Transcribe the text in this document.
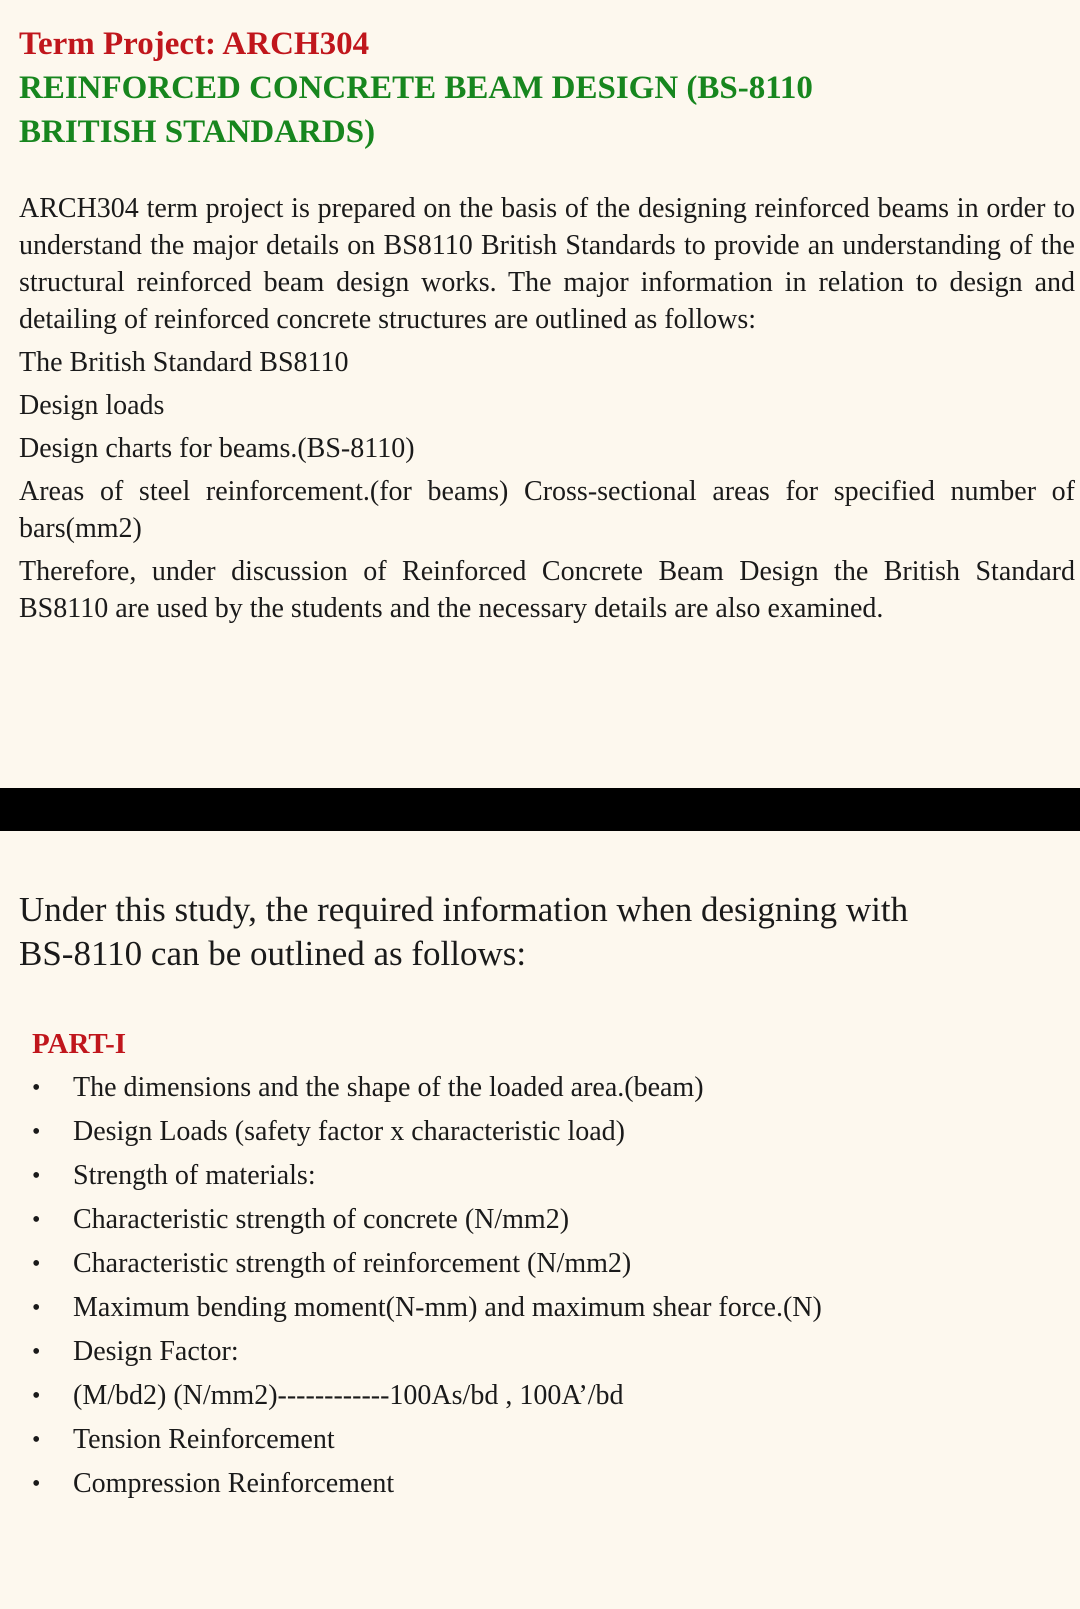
Term Project: ARCH304

REINFORCED CONCRETE BEAM DESIGN (BS-8110

BRITISH STANDARDS)

ARCH304 term project is prepared on the basis of the designing reinforced beams in order to understand the major details on BS8110 British Standards to provide an understanding of the structural reinforced beam design works. The major information in relation to design and detailing of reinforced concrete structures are outlined as follows:

The British Standard BS8110

Design loads

Design charts for beams.(BS-8110)

Areas of steel reinforcement.(for beams) Cross-sectional areas for specified number of bars(mm2)

Therefore, under discussion of Reinforced Concrete Beam Design the British Standard BS8110 are used by the students and the necessary details are also examined.

Under this study, the required information when designing with BS-8110 can be outlined as follows:

PART-I

• The dimensions and the shape of the loaded area.(beam)
• Design Loads (safety factor x characteristic load)
• Strength of materials:
• Characteristic strength of concrete (N/mm2)
• Characteristic strength of reinforcement (N/mm2)
• Maximum bending moment(N-mm) and maximum shear force.(N)
• Design Factor:
• (M/bd2) (N/mm2)------------100As/bd , 100A’/bd
• Tension Reinforcement
• Compression Reinforcement
